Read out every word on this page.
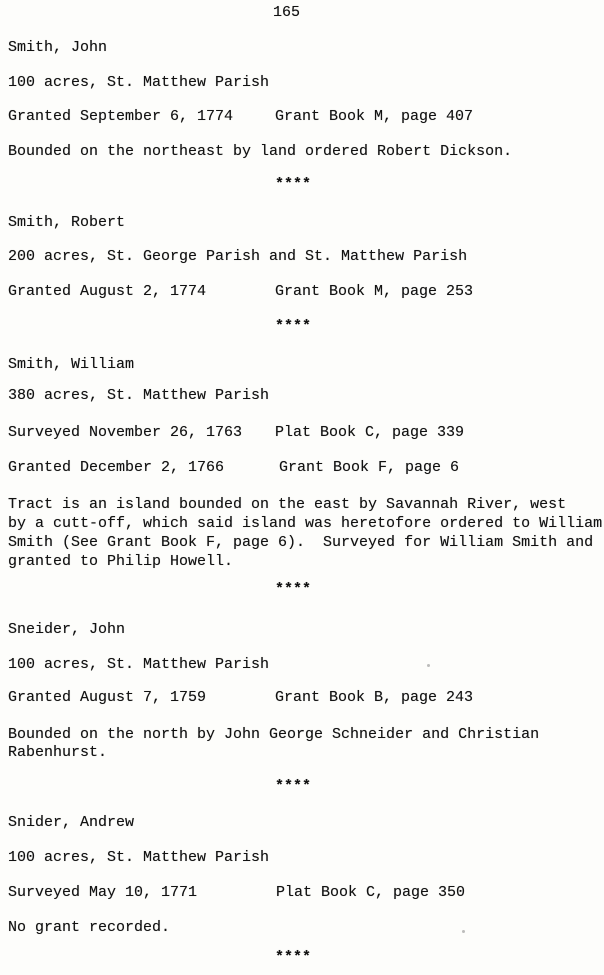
165
Smith, John
100 acres, St. Matthew Parish
Granted September 6, 1774	Grant Book M, page 407
Bounded on the northeast by land ordered Robert Dickson.
****
Smith, Robert
200 acres, St. George Parish and St. Matthew Parish
Granted August 2, 1774	Grant Book M, page 253
****
Smith, William
380 acres, St. Matthew Parish
Surveyed November 26, 1763 Plat Book C, page 339
Granted December 2, 1766	Grant Book F, page 6
Tract is an island bounded on the east by Savannah River, west
by a cutt-off, which said island was heretofore ordered to William
Smith (See Grant Book F, page 6).  Surveyed for William Smith and
granted to Philip Howell.
****
Sneider, John
100 acres, St. Matthew Parish
Granted August 7, 1759	Grant Book B, page 243
Bounded on the north by John George Schneider and Christian
Rabenhurst.
****
Snider, Andrew
100 acres, St. Matthew Parish
Surveyed May 10, 1771	Plat Book C, page 350
No grant recorded.
****
